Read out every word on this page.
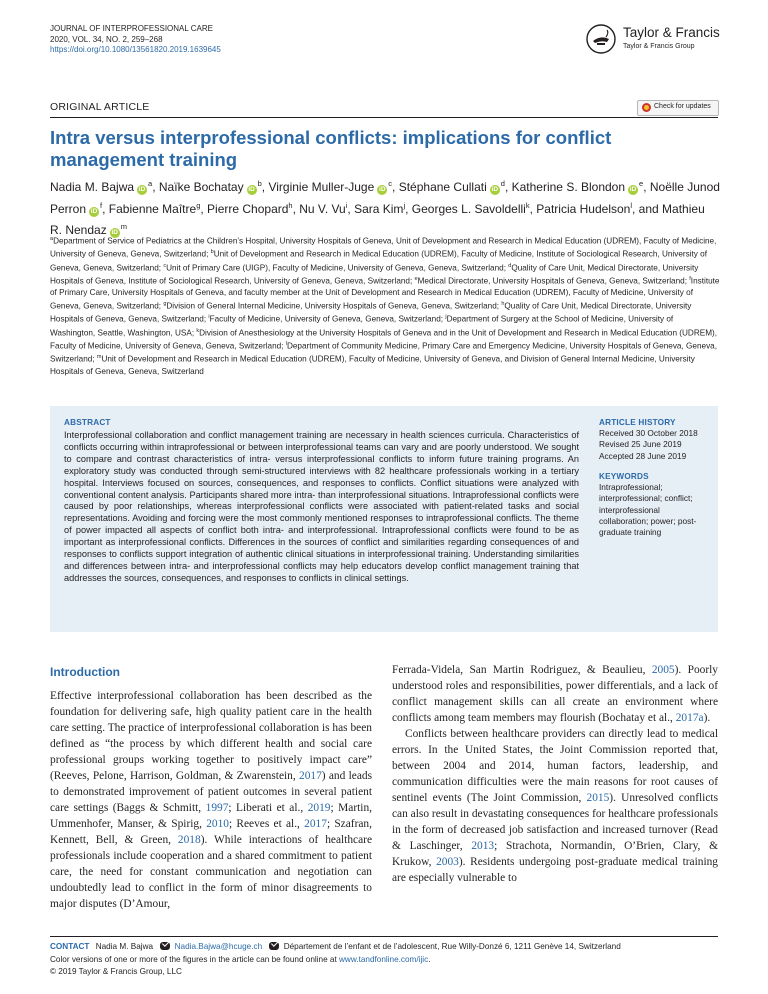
JOURNAL OF INTERPROFESSIONAL CARE
2020, VOL. 34, NO. 2, 259–268
https://doi.org/10.1080/13561820.2019.1639645
Taylor & Francis
Taylor & Francis Group
ORIGINAL ARTICLE	Check for updates
Intra versus interprofessional conflicts: implications for conflict management training
Nadia M. Bajwa $iD^a$, Naïke Bochatay $iD^b$, Virginie Muller-Juge $iD^c$, Stéphane Cullati $iD^d$, Katherine S. Blondon $iD^e$, Noëlle Junod Perron $iD^f$, Fabienne Maître$^g$, Pierre Chopard$^h$, Nu V. Vu$^i$, Sara Kim$^j$, Georges L. Savoldelli$^k$, Patricia Hudelson$^l$, and Mathieu R. Nendaz $iD^m$
$^a$Department of Service of Pediatrics at the Children’s Hospital, University Hospitals of Geneva, Unit of Development and Research in Medical Education (UDREM), Faculty of Medicine, University of Geneva, Geneva, Switzerland; $^b$Unit of Development and Research in Medical Education (UDREM), Faculty of Medicine, Institute of Sociological Research, University of Geneva, Geneva, Switzerland; $^c$Unit of Primary Care (UIGP), Faculty of Medicine, University of Geneva, Geneva, Switzerland; $^d$Quality of Care Unit, Medical Directorate, University Hospitals of Geneva, Institute of Sociological Research, University of Geneva, Geneva, Switzerland; $^e$Medical Directorate, University Hospitals of Geneva, Geneva, Switzerland; $^f$Institute of Primary Care, University Hospitals of Geneva, and faculty member at the Unit of Development and Research in Medical Education (UDREM), Faculty of Medicine, University of Geneva, Geneva, Switzerland; $^g$Division of General Internal Medicine, University Hospitals of Geneva, Geneva, Switzerland; $^h$Quality of Care Unit, Medical Directorate, University Hospitals of Geneva, Geneva, Switzerland; $^i$Faculty of Medicine, University of Geneva, Geneva, Switzerland; $^j$Department of Surgery at the School of Medicine, University of Washington, Seattle, Washington, USA; $^k$Division of Anesthesiology at the University Hospitals of Geneva and in the Unit of Development and Research in Medical Education (UDREM), Faculty of Medicine, University of Geneva, Geneva, Switzerland; $^l$Department of Community Medicine, Primary Care and Emergency Medicine, University Hospitals of Geneva, Geneva, Switzerland; $^m$Unit of Development and Research in Medical Education (UDREM), Faculty of Medicine, University of Geneva, and Division of General Internal Medicine, University Hospitals of Geneva, Geneva, Switzerland
ABSTRACT
Interprofessional collaboration and conflict management training are necessary in health sciences curricula. Characteristics of conflicts occurring within intraprofessional or between interprofessional teams can vary and are poorly understood. We sought to compare and contrast characteristics of intra- versus interprofessional conflicts to inform future training programs. An exploratory study was conducted through semi-structured interviews with 82 healthcare professionals working in a tertiary hospital. Interviews focused on sources, consequences, and responses to conflicts. Conflict situations were analyzed with conventional content analysis. Participants shared more intra- than interprofessional situations. Intraprofessional conflicts were caused by poor relationships, whereas interprofessional conflicts were associated with patient-related tasks and social representations. Avoiding and forcing were the most commonly mentioned responses to intraprofessional conflicts. The theme of power impacted all aspects of conflict both intra- and interprofessional. Intraprofessional conflicts were found to be as important as interprofessional conflicts. Differences in the sources of conflict and similarities regarding consequences of and responses to conflicts support integration of authentic clinical situations in interprofessional training. Understanding similarities and differences between intra- and interprofessional conflicts may help educators develop conflict management training that addresses the sources, consequences, and responses to conflicts in clinical settings.
ARTICLE HISTORY
Received 30 October 2018
Revised 25 June 2019
Accepted 28 June 2019
KEYWORDS
Intraprofessional; interprofessional; conflict; interprofessional collaboration; power; post-graduate training
Introduction
Effective interprofessional collaboration has been described as the foundation for delivering safe, high quality patient care in the health care setting. The practice of interprofessional collaboration is has been defined as “the process by which different health and social care professional groups working together to positively impact care” (Reeves, Pelone, Harrison, Goldman, & Zwarenstein, 2017) and leads to demonstrated improvement of patient outcomes in several patient care settings (Baggs & Schmitt, 1997; Liberati et al., 2019; Martin, Ummenhofer, Manser, & Spirig, 2010; Reeves et al., 2017; Szafran, Kennett, Bell, & Green, 2018). While interactions of healthcare professionals include cooperation and a shared commitment to patient care, the need for constant communication and negotiation can undoubtedly lead to conflict in the form of minor disagreements to major disputes (D’Amour,

Ferrada-Videla, San Martin Rodriguez, & Beaulieu, 2005). Poorly understood roles and responsibilities, power differentials, and a lack of conflict management skills can all create an environment where conflicts among team members may flourish (Bochatay et al., 2017a).

Conflicts between healthcare providers can directly lead to medical errors. In the United States, the Joint Commission reported that, between 2004 and 2014, human factors, leadership, and communication difficulties were the main reasons for root causes of sentinel events (The Joint Commission, 2015). Unresolved conflicts can also result in devastating consequences for healthcare professionals in the form of decreased job satisfaction and increased turnover (Read & Laschinger, 2013; Strachota, Normandin, O’Brien, Clary, & Krukow, 2003). Residents undergoing post-graduate medical training are especially vulnerable to

CONTACT Nadia M. Bajwa	Nadia.Bajwa@hcuge.ch	Département de l’enfant et de l’adolescent, Rue Willy-Donzé 6, 1211 Genève 14, Switzerland
Color versions of one or more of the figures in the article can be found online at www.tandfonline.com/ijic.
© 2019 Taylor & Francis Group, LLC
